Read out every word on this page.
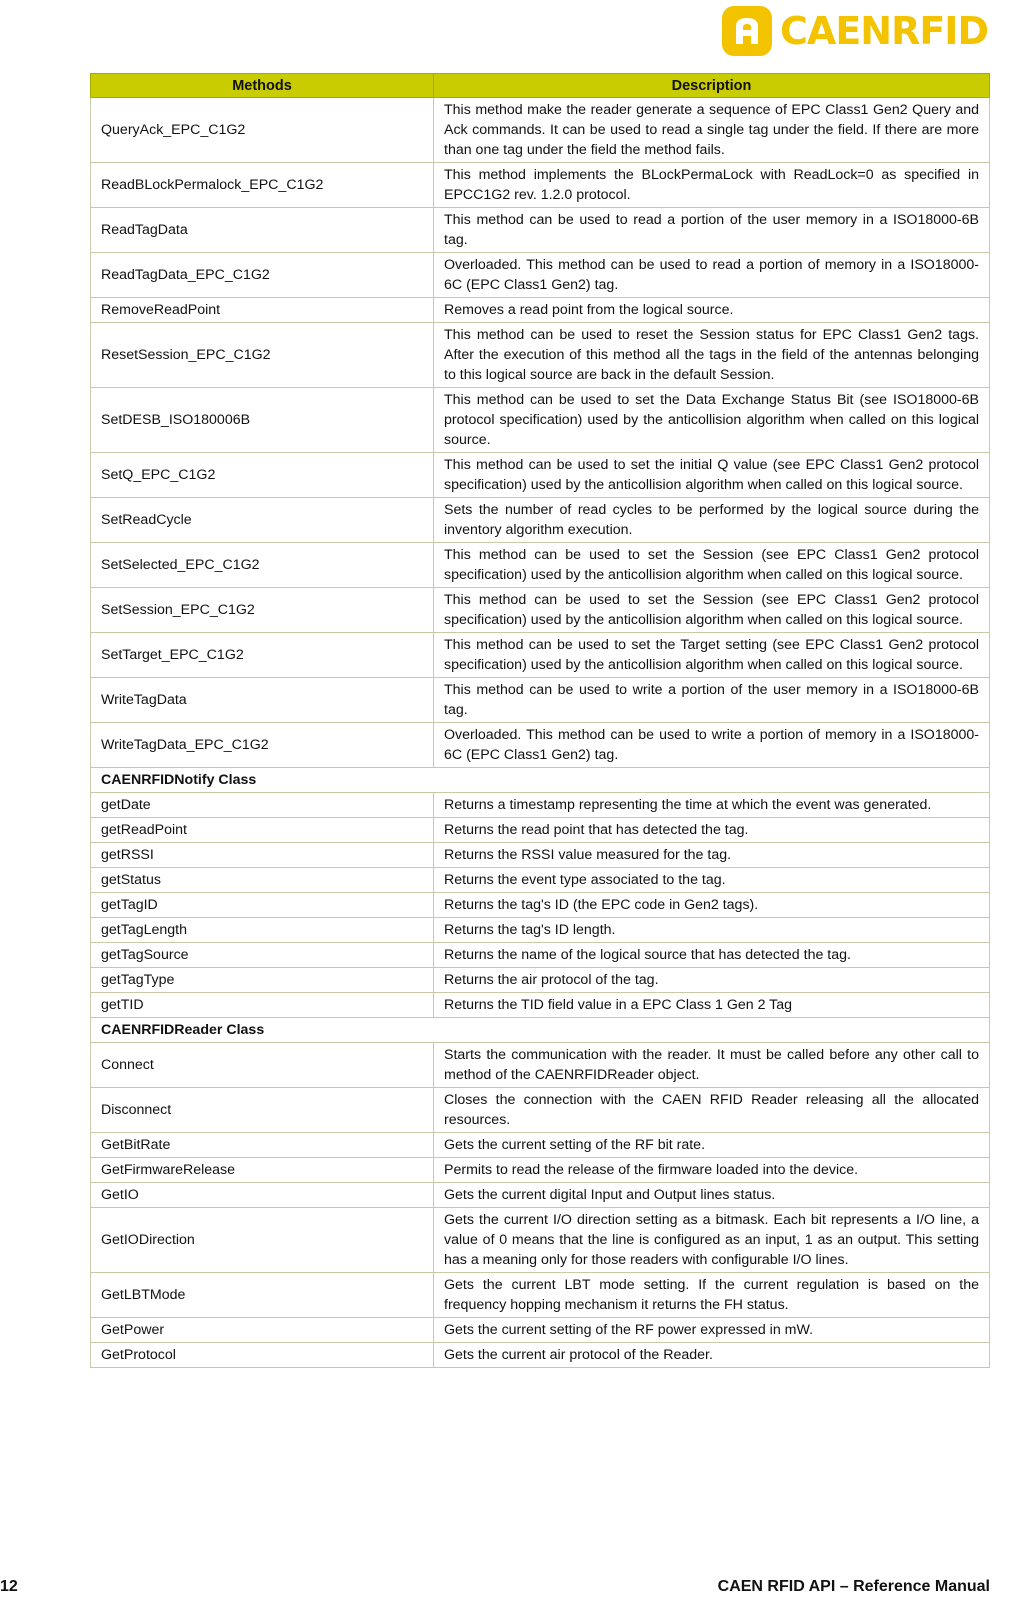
CAENRFID
Methods	Description
QueryAck_EPC_C1G2	This method make the reader generate a sequence of EPC Class1 Gen2 Query and Ack commands. It can be used to read a single tag under the field. If there are more than one tag under the field the method fails.
ReadBLockPermalock_EPC_C1G2	This method implements the BLockPermaLock with ReadLock=0 as specified in EPCC1G2 rev. 1.2.0 protocol.
ReadTagData	This method can be used to read a portion of the user memory in a ISO18000-6B tag.
ReadTagData_EPC_C1G2	Overloaded. This method can be used to read a portion of memory in a ISO18000-6C (EPC Class1 Gen2) tag.
RemoveReadPoint	Removes a read point from the logical source.
ResetSession_EPC_C1G2	This method can be used to reset the Session status for EPC Class1 Gen2 tags. After the execution of this method all the tags in the field of the antennas belonging to this logical source are back in the default Session.
SetDESB_ISO180006B	This method can be used to set the Data Exchange Status Bit (see ISO18000-6B protocol specification) used by the anticollision algorithm when called on this logical source.
SetQ_EPC_C1G2	This method can be used to set the initial Q value (see EPC Class1 Gen2 protocol specification) used by the anticollision algorithm when called on this logical source.
SetReadCycle	Sets the number of read cycles to be performed by the logical source during the inventory algorithm execution.
SetSelected_EPC_C1G2	This method can be used to set the Session (see EPC Class1 Gen2 protocol specification) used by the anticollision algorithm when called on this logical source.
SetSession_EPC_C1G2	This method can be used to set the Session (see EPC Class1 Gen2 protocol specification) used by the anticollision algorithm when called on this logical source.
SetTarget_EPC_C1G2	This method can be used to set the Target setting (see EPC Class1 Gen2 protocol specification) used by the anticollision algorithm when called on this logical source.
WriteTagData	This method can be used to write a portion of the user memory in a ISO18000-6B tag.
WriteTagData_EPC_C1G2	Overloaded. This method can be used to write a portion of memory in a ISO18000-6C (EPC Class1 Gen2) tag.
CAENRFIDNotify Class	
getDate	Returns a timestamp representing the time at which the event was generated.
getReadPoint	Returns the read point that has detected the tag.
getRSSI	Returns the RSSI value measured for the tag.
getStatus	Returns the event type associated to the tag.
getTagID	Returns the tag's ID (the EPC code in Gen2 tags).
getTagLength	Returns the tag's ID length.
getTagSource	Returns the name of the logical source that has detected the tag.
getTagType	Returns the air protocol of the tag.
getTID	Returns the TID field value in a EPC Class 1 Gen 2 Tag
CAENRFIDReader Class	
Connect	Starts the communication with the reader. It must be called before any other call to method of the CAENRFIDReader object.
Disconnect	Closes the connection with the CAEN RFID Reader releasing all the allocated resources.
GetBitRate	Gets the current setting of the RF bit rate.
GetFirmwareRelease	Permits to read the release of the firmware loaded into the device.
GetIO	Gets the current digital Input and Output lines status.
GetIODirection	Gets the current I/O direction setting as a bitmask. Each bit represents a I/O line, a value of 0 means that the line is configured as an input, 1 as an output. This setting has a meaning only for those readers with configurable I/O lines.
GetLBTMode	Gets the current LBT mode setting. If the current regulation is based on the frequency hopping mechanism it returns the FH status.
GetPower	Gets the current setting of the RF power expressed in mW.
GetProtocol	Gets the current air protocol of the Reader.
12	CAEN RFID API – Reference Manual
